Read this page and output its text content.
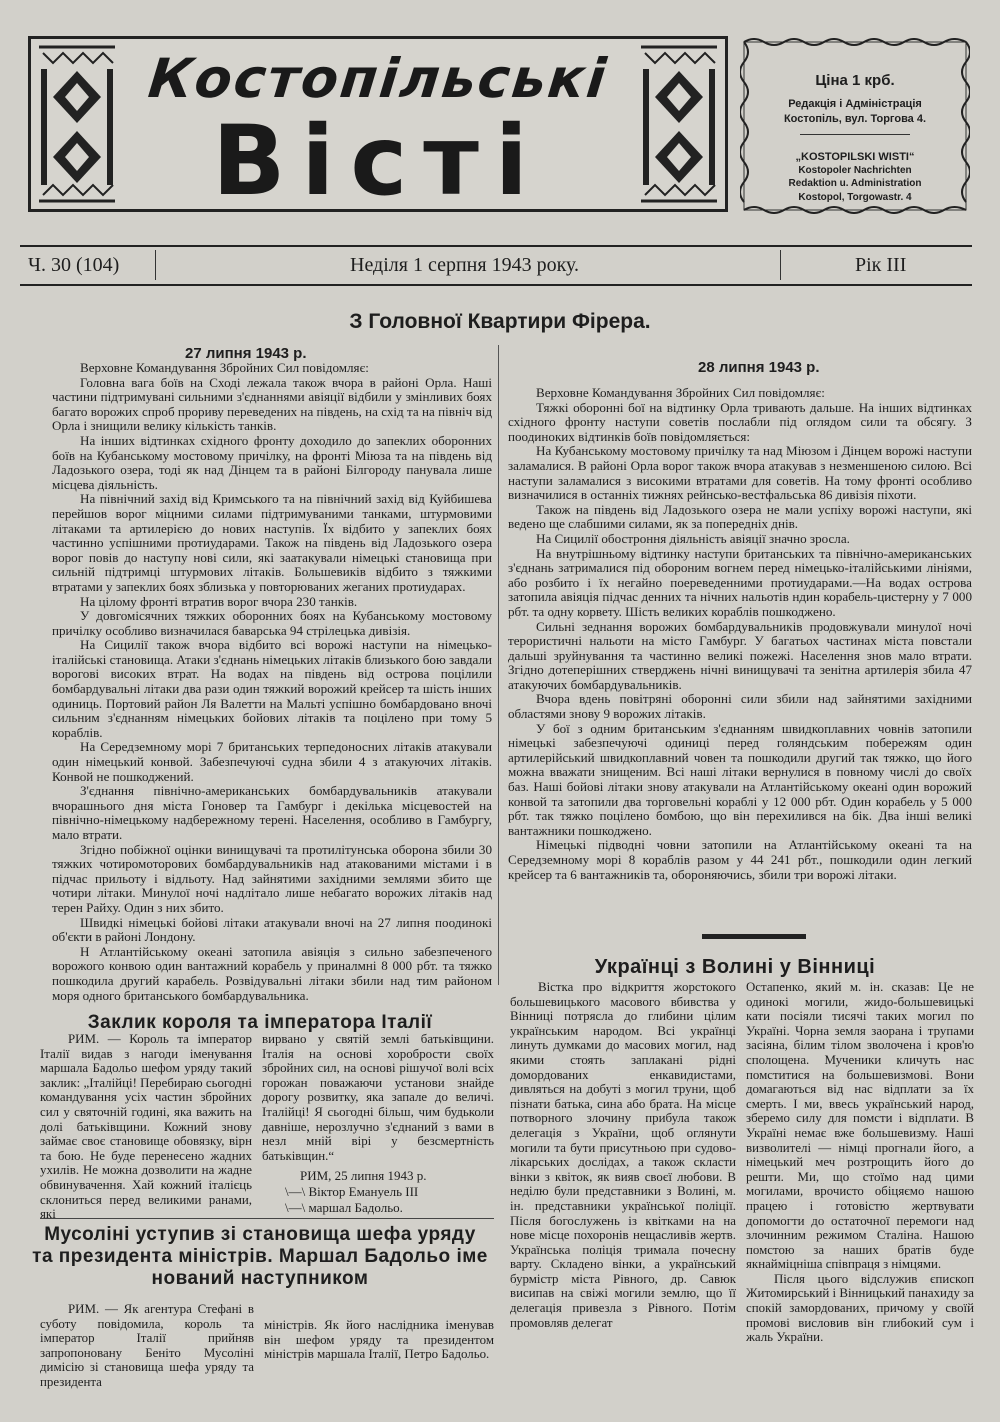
Костопільські
Вісті
Ціна 1 крб.
Редакція і Адміністрація
Костопіль, вул. Торгова 4.
„KOSTOPILSKI WISTI“
Kostopoler Nachrichten
Redaktion u. Administration
Kostopol, Torgowastr. 4
Ч. 30 (104)	Неділя 1 серпня 1943 року.	Рік III
З Головної Квартири Фірера.
27 липня 1943 р.

Верховне Командування Збройних Сил повідомляє:

Головна вага боїв на Сході лежала також вчора в районі Орла. Наші частини підтримувані сильними з'єднаннями авіяції відбили у змінливих боях багато ворожих спроб прориву переведених на південь, на схід та на північ від Орла і знищили велику кількість танків.

На інших відтинках східного фронту доходило до запеклих оборонних боїв на Кубанському мостовому причілку, на фронті Міюза та на південь від Ладозького озера, тоді як над Дінцем та в районі Білгороду панувала лише місцева діяльність.

На північний захід від Кримського та на північний захід від Куйбишева перейшов ворог міцними силами підтримуваними танками, штурмовими літаками та артилерією до нових наступів. Їх відбито у запеклих боях частинно успішними протиударами. Також на південь від Ладозького озера ворог повів до наступу нові сили, які заатакували німецькі становища при сильній підтримці штурмових літаків. Большевиків відбито з тяжкими втратами у запеклих боях зблизька у повторюваних жеганих протиударах.

На цілому фронті втратив ворог вчора 230 танків.

У довгомісячних тяжких оборонних боях на Кубанському мостовому причілку особливо визначилася баварська 94 стрілецька дивізія.

На Сицилії також вчора відбито всі ворожі наступи на німецько-італійські становища. Атаки з'єднань німецьких літаків близького бою завдали ворогові високих втрат. На водах на південь від острова поцілили бомбардувальні літаки два рази один тяжкий ворожий крейсер та шість інших одиниць. Портовий район Ля Валетти на Мальті успішно бомбардовано вночі сильним з'єднанням німецьких бойових літаків та поцілено при тому 5 кораблів.

На Середземному морі 7 британських терпедоносних літаків атакували один німецький конвой. Забезпечуючі судна збили 4 з атакуючих літаків. Конвой не пошкоджений.

З'єднання північно-американських бомбардувальників атакували вчорашнього дня міста Гоновер та Гамбург і декілька місцевостей на північно-німецькому надбережному терені. Населення, особливо в Гамбургу, мало втрати.

Згідно побіжної оцінки винищувачі та протилітунська оборона збили 30 тяжких чотиромоторових бомбардувальників над атакованими містами і в підчас прильоту і відльоту. Над зайнятими західними землями збито ще чотири літаки. Минулої ночі надлітало лише небагато ворожих літаків над терен Райху. Один з них збито.

Швидкі німецькі бойові літаки атакували вночі на 27 липня поодинокі об'єкти в районі Лондону.

Н Атлантійському океані затопила авіяція з сильно забезпеченого ворожого конвою один вантажний корабель у приналмні 8 000 рбт. та тяжко пошкодила другий карабель. Розвідувальні літаки збили над тим районом моря одного британського бомбардувальника.

28 липня 1943 р.

Верховне Командування Збройних Сил повідомляє:

Тяжкі оборонні бої на відтинку Орла тривають дальше. На інших відтинках східного фронту наступи советів послабли під оглядом сили та обсягу. З поодиноких відтинків боїв повідомляється:

На Кубанському мостовому причілку та над Міюзом і Дінцем ворожі наступи заламалися. В районі Орла ворог також вчора атакував з незменшеною силою. Всі наступи заламалися з високими втратами для советів. На тому фронті особливо визначилися в останніх тижнях рейнсько-вестфальська 86 дивізія піхоти.

Також на південь від Ладозького озера не мали успіху ворожі наступи, які ведено ще слабшими силами, як за попередніх днів.

На Сицилії обостроння діяльність авіяції значно зросла.

На внутрішньому відтинку наступи британських та північно-американських з'єднань затрималися під обороним вогнем перед німецько-італійськими лініями, або розбито і їх негайно поереведенними протиударами.—На водах острова затопила авіяція підчас денних та нічних нальотів ндин корабель-цистерну у 7 000 рбт. та одну корвету. Шість великих кораблів пошкоджено.

Сильні зеднання ворожих бомбардувальників продовжували минулої ночі терористичні нальоти на місто Гамбург. У багатьох частинах міста повстали дальші зруйнування та частинно великі пожежі. Населення знов мало втрати. Згідно дотеперішних стверджень нічні винищувачі та зенітна артилерія збила 47 атакуючих бомбардувальників.

Вчора вдень повітряні оборонні сили збили над зайнятими західними областями знову 9 ворожих літаків.

У бої з одним британським з'єднанням швидкоплавних човнів затопили німецькі забезпечуючі одиниці перед голяндським побережям один артилерійський швидкоплавний човен та пошкодили другий так тяжко, що його можна вважати знищеним. Всі наші літаки вернулися в повному числі до своїх баз. Наші бойові літаки знову атакували на Атлантійському океані один ворожий конвой та затопили два торговельні кораблі у 12 000 рбт. Один корабель у 5 000 рбт. так тяжко поцілено бомбою, що він перехилився на бік. Два інші великі вантажники пошкоджено.

Німецькі підводні човни затопили на Атлантійському океані та на Середземному морі 8 кораблів разом у 44 241 рбт., пошкодили один легкий крейсер та 6 вантажників та, обороняючись, збили три ворожі літаки.

Заклик короля та імператора Італії

РИМ. — Король та імператор Італії видав з нагоди іменування маршала Бадольо шефом уряду такий заклик: „Італійці! Перебираю сьогодні командування усіх частин збройних сил у святочній годині, яка важить на долі батьківщини. Кожний знову займає своє становище обовязку, вірн та бою. Не буде перенесено жадних ухилів. Не можна дозволити на жадне обвинувачення. Хай кожний італієць склониться перед великими ранами, які

вирвано у святій землі батьківщини. Італія на основі хоробрости своїх збройних сил, на основі рішучої волі всіх горожан поважаючи установи знайде дорогу розвитку, яка запале до величі. Італійці! Я сьогодні більш, чим будьколи давніше, нерозлучно з'єднаний з вами в незл мній вірі у безсмертність батьківщин.“

РИМ, 25 липня 1943 р.
\—\ Віктор Емануель III
\—\ маршал Бадольо.
Мусоліні уступив зі становища шефа уряду
та президента міністрів. Маршал Бадольо іме
нований наступником

РИМ. — Як агентура Стефані в суботу повідомила, король та імператор Італії прийняв запропоновану Беніто Мусоліні димісію зі становища шефа уряду та президента

міністрів. Як його наслідника іменував він шефом уряду та президентом міністрів маршала Італії, Петро Бадольо.

Українці з Волині у Вінниці

Вістка про відкриття жорстокого большевицького масового вбивства у Вінниці потрясла до глибини цілим українським народом. Всі українці линуть думками до масових могил, над якими стоять заплакані рідні домордованих енкавидистами, дивляться на добуті з могил труни, щоб пізнати батька, сина або брата. На місце потворного злочину прибула також делегація з України, щоб оглянути могили та бути присутньою при судово-лікарських дослідах, а також скласти вінки з квіток, як вияв своєї любови. В неділю були представники з Волині, м. ін. представники української поліції. Після богослужень із квітками на на нове місце похоронів нещасливів жертв. Українська поліція тримала почесну варту. Складено вінки, а український бурмістр міста Рівного, др. Савюк висипав на свіжі могили землю, що її делегація привезла з Рівного. Потім промовляв делегат

Остапенко, який м. ін. сказав: Це не одинокі могили, жидо-большевицькі кати посіяли тисячі таких могил по Україні. Чорна земля заорана і трупами засіяна, білим тілом зволочена і кров'ю сполощена. Мученики кличуть нас помститися на большевизмові. Вони домагаються від нас відплати за їх смерть. І ми, ввесь український народ, зберемо силу для помсти і відплати. В Україні немає вже большевизму. Наші визволителі — німці прогнали його, а німецький меч розтрощить його до решти. Ми, що стоїмо над цими могилами, врочисто обіцяємо нашою працею і готовістю жертвувати допомогти до остаточної перемоги над злочинним режимом Сталіна. Нашою помстою за наших братів буде якнайміцніша співпраця з німцями.

Після цього відслужив єпископ Житомирський і Вінницький панахиду за спокій замордованих, причому у своїй промові висловив він глибокий сум і жаль України.
